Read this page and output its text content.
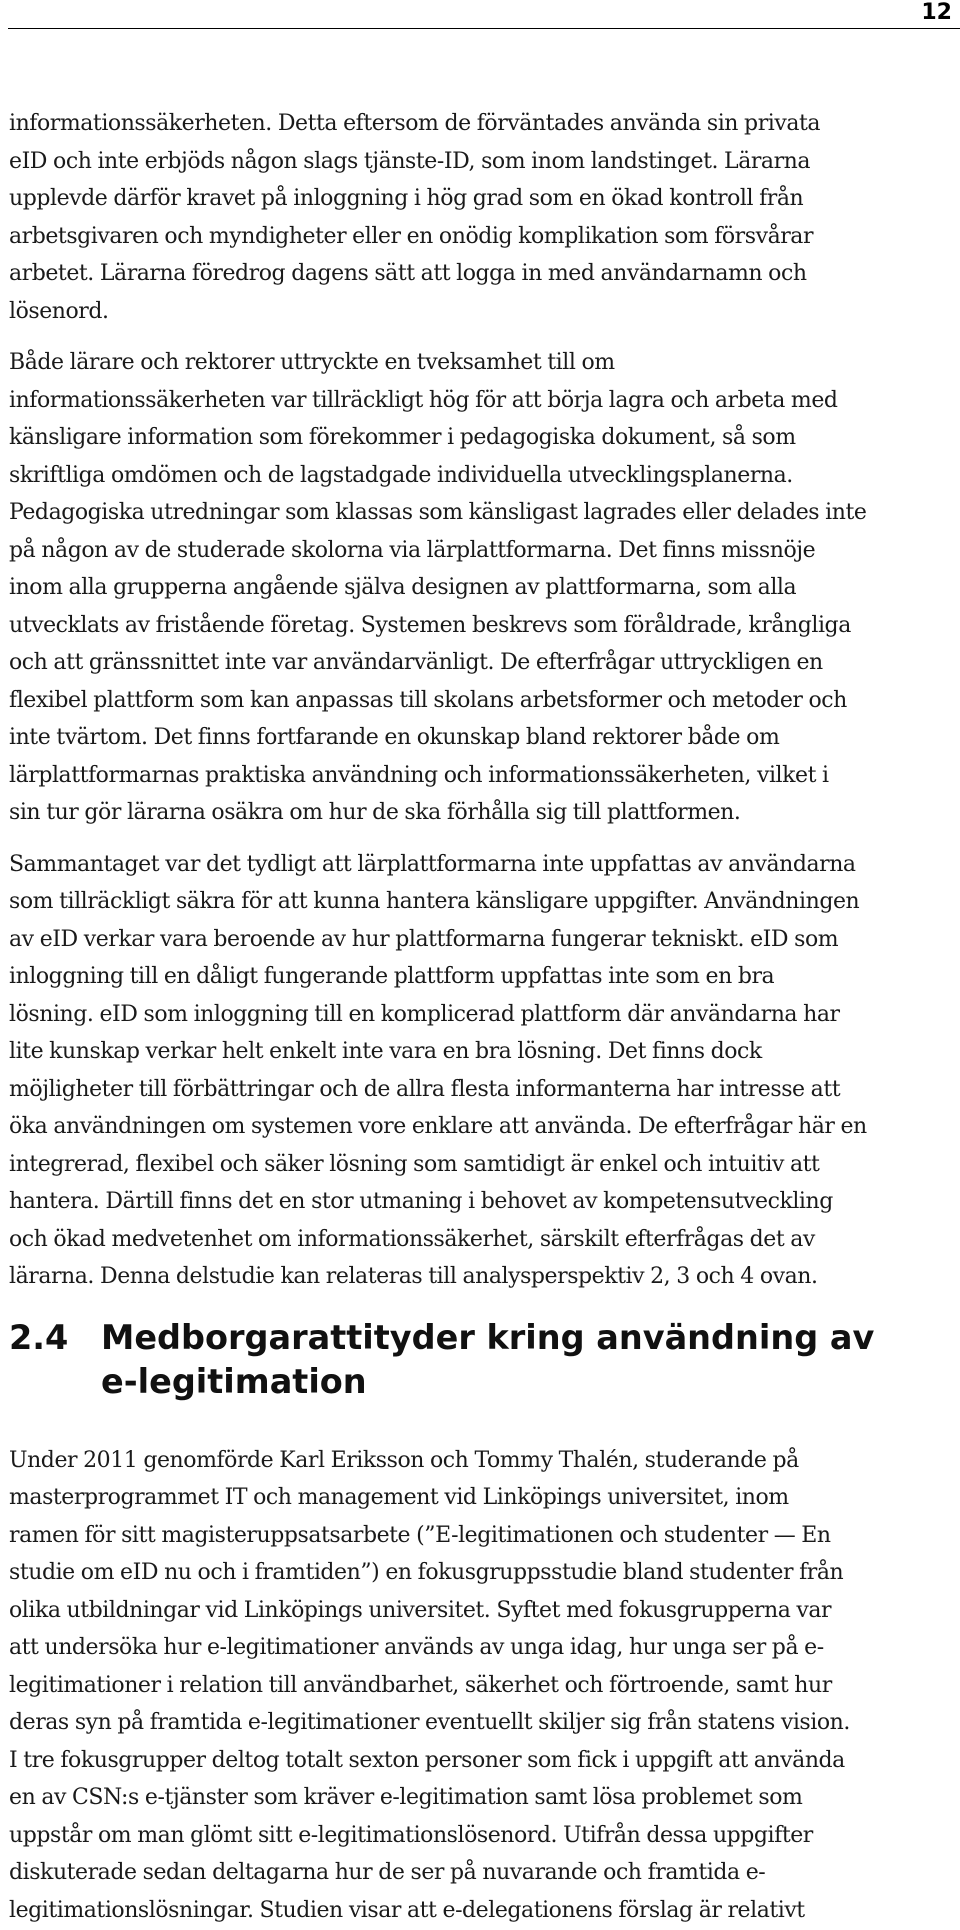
12

informationssäkerheten. Detta eftersom de förväntades använda sin privata
eID och inte erbjöds någon slags tjänste-ID, som inom landstinget. Lärarna
upplevde därför kravet på inloggning i hög grad som en ökad kontroll från
arbetsgivaren och myndigheter eller en onödig komplikation som försvårar
arbetet. Lärarna föredrog dagens sätt att logga in med användarnamn och
lösenord.

Både lärare och rektorer uttryckte en tveksamhet till om
informationssäkerheten var tillräckligt hög för att börja lagra och arbeta med
känsligare information som förekommer i pedagogiska dokument, så som
skriftliga omdömen och de lagstadgade individuella utvecklingsplanerna.
Pedagogiska utredningar som klassas som känsligast lagrades eller delades inte
på någon av de studerade skolorna via lärplattformarna. Det finns missnöje
inom alla grupperna angående själva designen av plattformarna, som alla
utvecklats av fristående företag. Systemen beskrevs som föråldrade, krångliga
och att gränssnittet inte var användarvänligt. De efterfrågar uttryckligen en
flexibel plattform som kan anpassas till skolans arbetsformer och metoder och
inte tvärtom. Det finns fortfarande en okunskap bland rektorer både om
lärplattformarnas praktiska användning och informationssäkerheten, vilket i
sin tur gör lärarna osäkra om hur de ska förhålla sig till plattformen.

Sammantaget var det tydligt att lärplattformarna inte uppfattas av användarna
som tillräckligt säkra för att kunna hantera känsligare uppgifter. Användningen
av eID verkar vara beroende av hur plattformarna fungerar tekniskt. eID som
inloggning till en dåligt fungerande plattform uppfattas inte som en bra
lösning. eID som inloggning till en komplicerad plattform där användarna har
lite kunskap verkar helt enkelt inte vara en bra lösning. Det finns dock
möjligheter till förbättringar och de allra flesta informanterna har intresse att
öka användningen om systemen vore enklare att använda. De efterfrågar här en
integrerad, flexibel och säker lösning som samtidigt är enkel och intuitiv att
hantera. Därtill finns det en stor utmaning i behovet av kompetensutveckling
och ökad medvetenhet om informationssäkerhet, särskilt efterfrågas det av
lärarna. Denna delstudie kan relateras till analysperspektiv 2, 3 och 4 ovan.

2.4 Medborgarattityder kring användning av
e-legitimation

Under 2011 genomförde Karl Eriksson och Tommy Thalén, studerande på
masterprogrammet IT och management vid Linköpings universitet, inom
ramen för sitt magisteruppsatsarbete (”E-legitimationen och studenter — En
studie om eID nu och i framtiden”) en fokusgruppsstudie bland studenter från
olika utbildningar vid Linköpings universitet. Syftet med fokusgrupperna var
att undersöka hur e-legitimationer används av unga idag, hur unga ser på e-
legitimationer i relation till användbarhet, säkerhet och förtroende, samt hur
deras syn på framtida e-legitimationer eventuellt skiljer sig från statens vision.
I tre fokusgrupper deltog totalt sexton personer som fick i uppgift att använda
en av CSN:s e-tjänster som kräver e-legitimation samt lösa problemet som
uppstår om man glömt sitt e-legitimationslösenord. Utifrån dessa uppgifter
diskuterade sedan deltagarna hur de ser på nuvarande och framtida e-
legitimationslösningar. Studien visar att e-delegationens förslag är relativt
